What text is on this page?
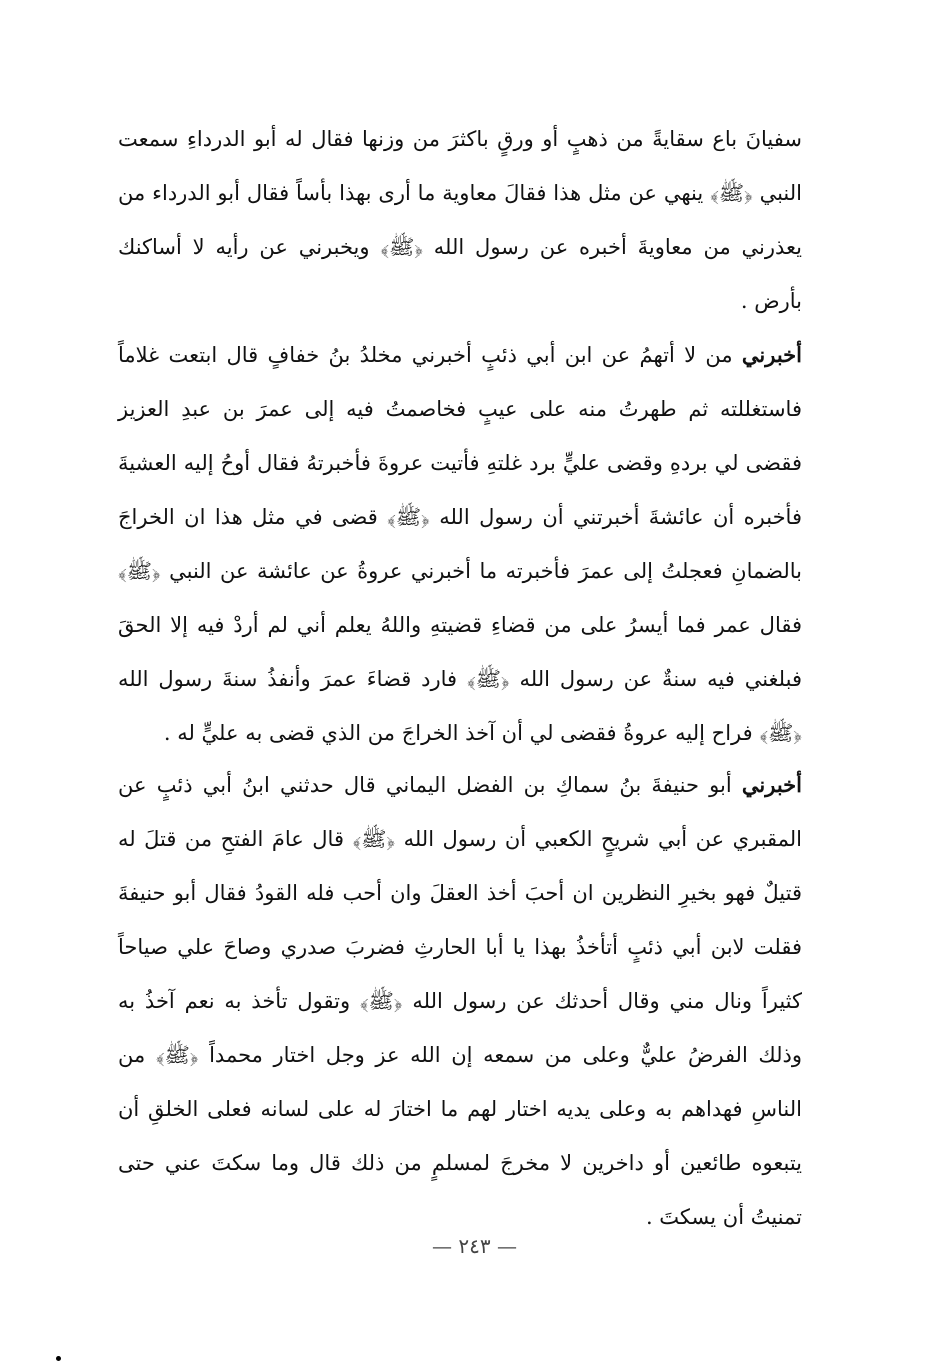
سفيانَ باع سقايةً من ذهبٍ أو ورقٍ باكثرَ من وزنها فقال له أبو الدرداءِ سمعت النبي ﴿ﷺ﴾ ينهي عن مثل هذا فقالَ معاوية ما أرى بهذا بأساً فقال أبو الدرداء من يعذرني من معاويةَ أخبره عن رسول الله ﴿ﷺ﴾ ويخبرني عن رأيه لا أساكنك بأرض .

أخبرني من لا أتهمُ عن ابن أبي ذئبٍ أخبرني مخلدُ بنُ خفافٍ قال ابتعت غلاماً فاستغللته ثم طهرتُ منه على عيبٍ فخاصمتُ فيه إلى عمرَ بن عبدِ العزيز فقضى لي بردهِ وقضى عليٍّ برد غلتهِ فأتيت عروةَ فأخبرتهُ فقال أوحُ إليه العشيةَ فأخبره أن عائشةَ أخبرتني أن رسول الله ﴿ﷺ﴾ قضى في مثل هذا ان الخراجَ بالضمانِ فعجلتُ إلى عمرَ فأخبرته ما أخبرني عروةُ عن عائشة عن النبي ﴿ﷺ﴾ فقال عمر فما أيسرُ على من قضاءِ قضيتهِ واللهُ يعلم أني لم أردْ فيه إلا الحقَ فبلغني فيه سنةٌ عن رسول الله ﴿ﷺ﴾ فارد قضاءَ عمرَ وأنفذُ سنةَ رسول الله ﴿ﷺ﴾ فراح إليه عروةُ فقضى لي أن آخذ الخراجَ من الذي قضى به عليٍّ له .

أخبرني أبو حنيفةَ بنُ سماكِ بن الفضل اليماني قال حدثني ابنُ أبي ذئبٍ عن المقبري عن أبي شريحٍ الكعبي أن رسول الله ﴿ﷺ﴾ قال عامَ الفتحِ من قتلَ له قتيلٌ فهو بخيرِ النظرين ان أحبَ أخذ العقلَ وان أحب فله القودُ فقال أبو حنيفةَ فقلت لابن أبي ذئبٍ أتأخذُ بهذا يا أبا الحارثِ فضربَ صدري وصاحَ علي صياحاً كثيراً ونال مني وقال أحدثك عن رسول الله ﴿ﷺ﴾ وتقول تأخذ به نعم آخذُ به وذلك الفرضُ عليٌّ وعلى من سمعه إن الله عز وجل اختار محمداً ﴿ﷺ﴾ من الناسِ فهداهم به وعلى يديه اختار لهم ما اختارَ له على لسانه فعلى الخلقِ أن يتبعوه طائعين أو داخرين لا مخرجَ لمسلمٍ من ذلك قال وما سكتَ عني حتى تمنيتُ أن يسكتَ .

— ٢٤٣ —
